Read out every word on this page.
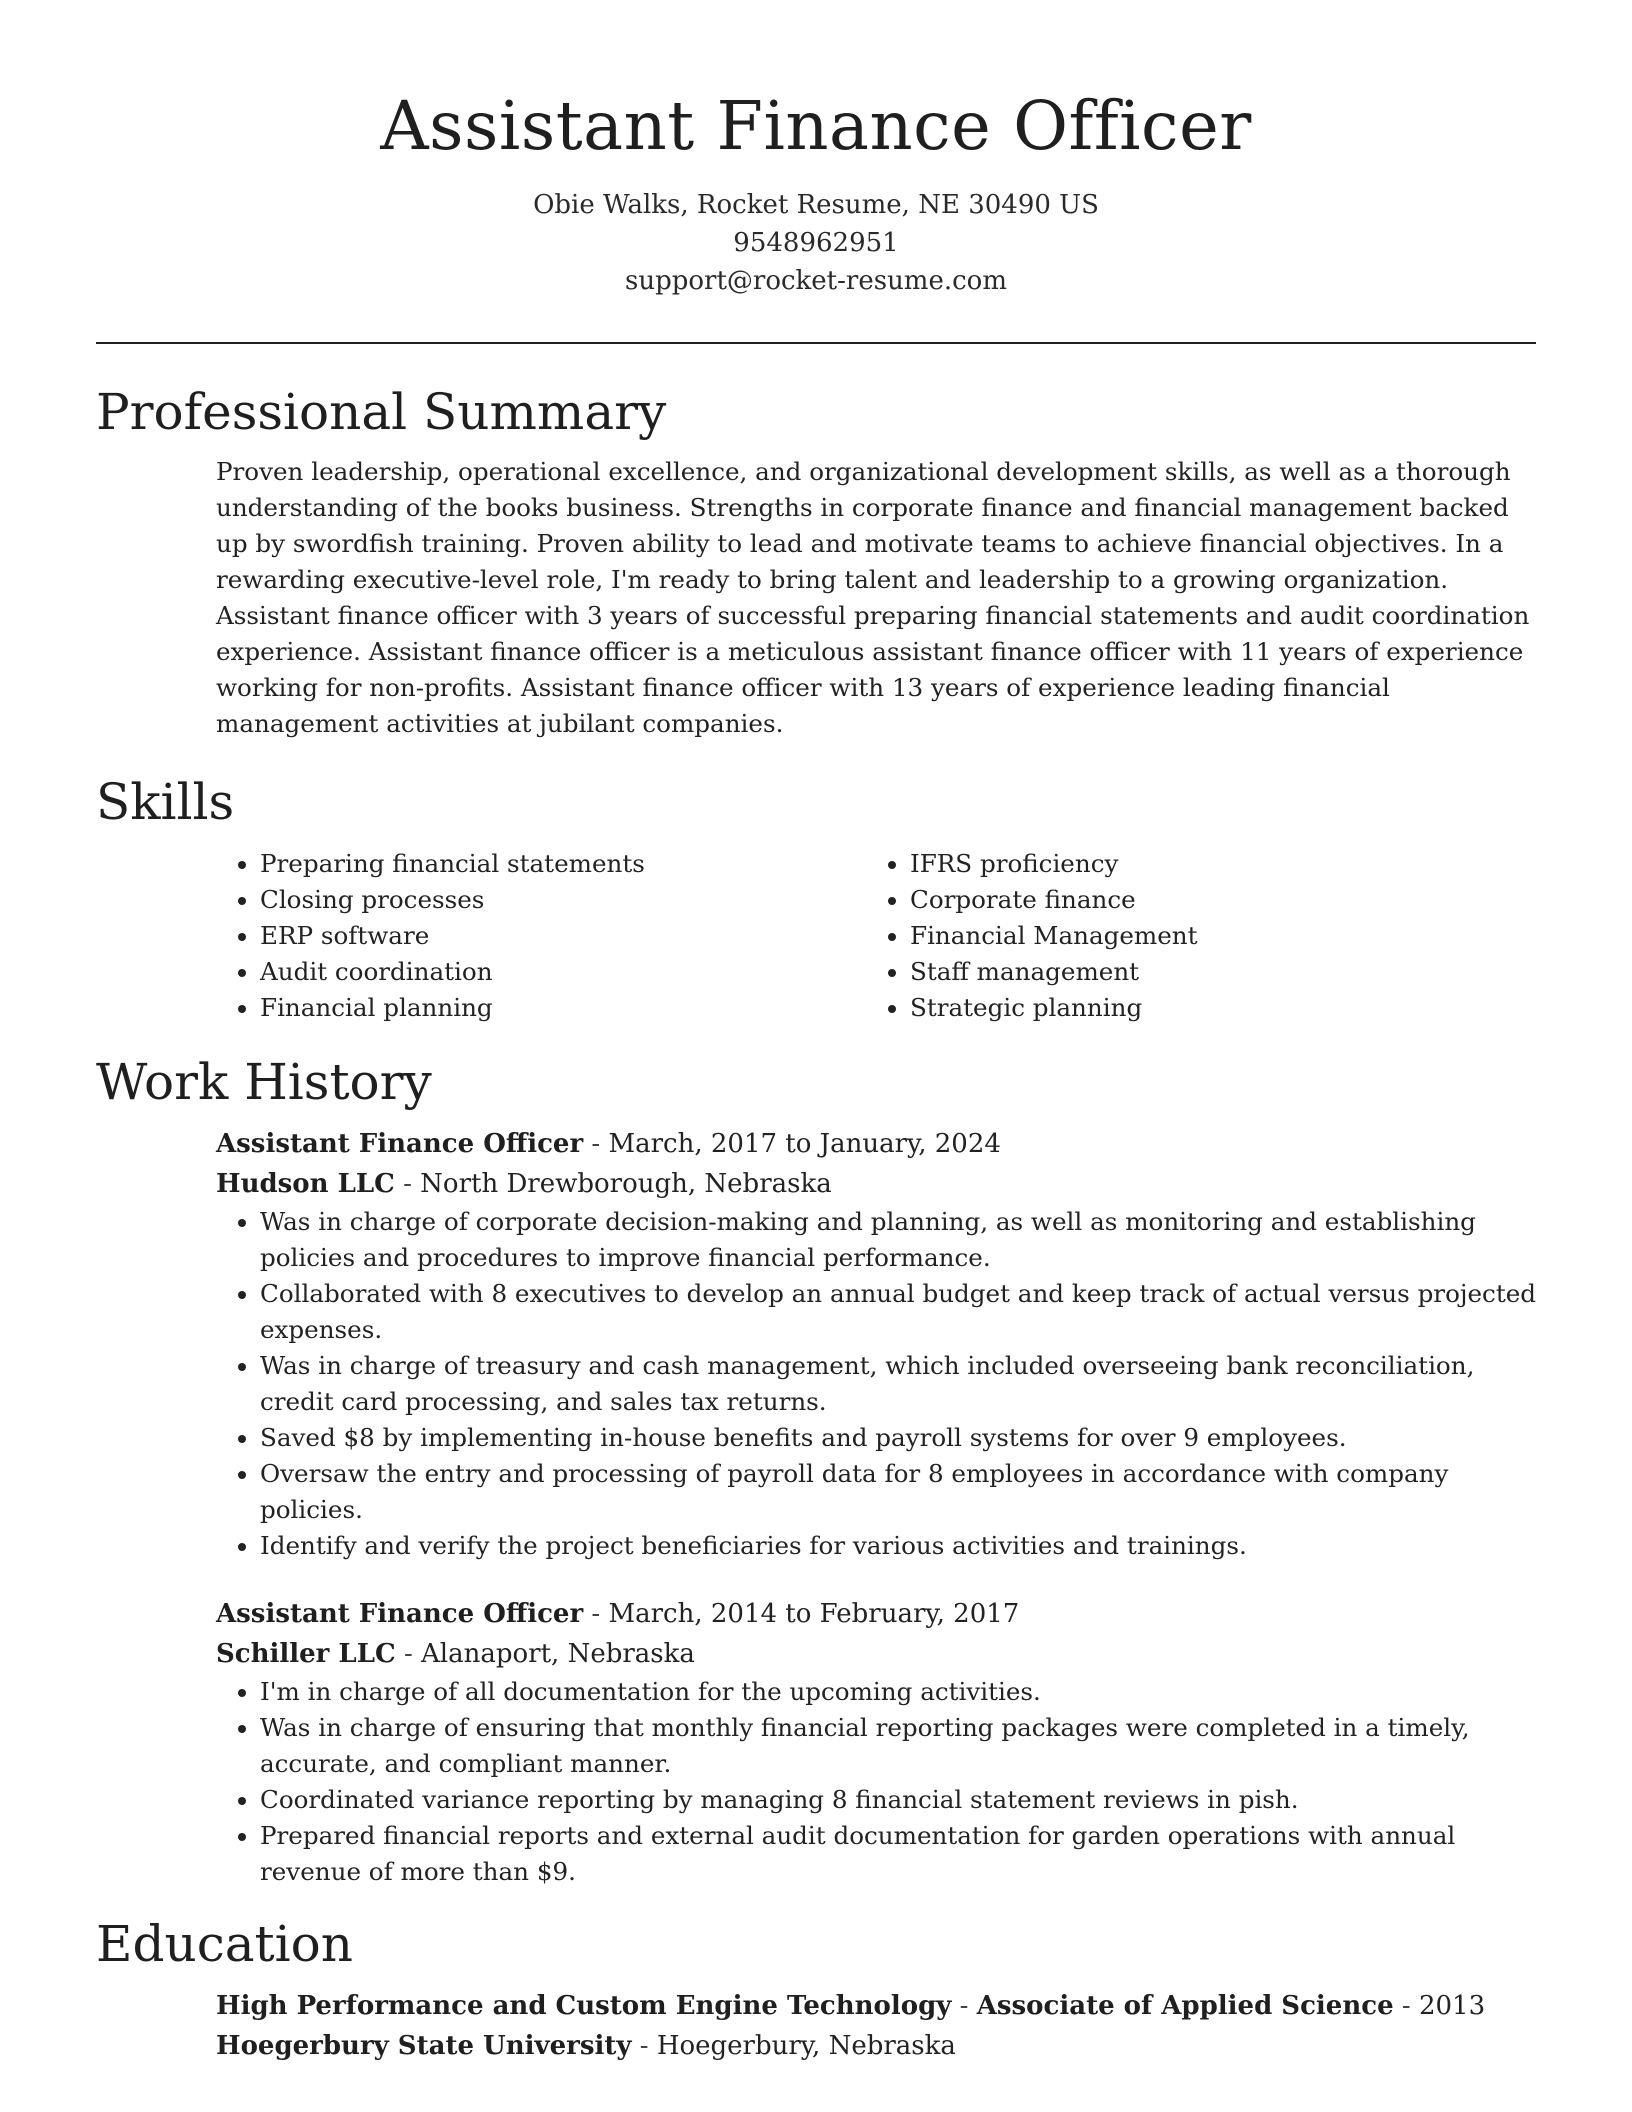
Assistant Finance Officer
Obie Walks, Rocket Resume, NE 30490 US
9548962951
support@rocket-resume.com
Professional Summary
Proven leadership, operational excellence, and organizational development skills, as well as a thorough understanding of the books business. Strengths in corporate finance and financial management backed up by swordfish training. Proven ability to lead and motivate teams to achieve financial objectives. In a rewarding executive-level role, I'm ready to bring talent and leadership to a growing organization. Assistant finance officer with 3 years of successful preparing financial statements and audit coordination experience. Assistant finance officer is a meticulous assistant finance officer with 11 years of experience working for non-profits. Assistant finance officer with 13 years of experience leading financial management activities at jubilant companies.
Skills
• Preparing financial statements
• Closing processes
• ERP software
• Audit coordination
• Financial planning
• IFRS proficiency
• Corporate finance
• Financial Management
• Staff management
• Strategic planning
Work History
Assistant Finance Officer - March, 2017 to January, 2024
Hudson LLC - North Drewborough, Nebraska
• Was in charge of corporate decision-making and planning, as well as monitoring and establishing policies and procedures to improve financial performance.
• Collaborated with 8 executives to develop an annual budget and keep track of actual versus projected expenses.
• Was in charge of treasury and cash management, which included overseeing bank reconciliation, credit card processing, and sales tax returns.
• Saved $8 by implementing in-house benefits and payroll systems for over 9 employees.
• Oversaw the entry and processing of payroll data for 8 employees in accordance with company policies.
• Identify and verify the project beneficiaries for various activities and trainings.
Assistant Finance Officer - March, 2014 to February, 2017
Schiller LLC - Alanaport, Nebraska
• I'm in charge of all documentation for the upcoming activities.
• Was in charge of ensuring that monthly financial reporting packages were completed in a timely, accurate, and compliant manner.
• Coordinated variance reporting by managing 8 financial statement reviews in pish.
• Prepared financial reports and external audit documentation for garden operations with annual revenue of more than $9.
Education
High Performance and Custom Engine Technology - Associate of Applied Science - 2013
Hoegerbury State University - Hoegerbury, Nebraska
